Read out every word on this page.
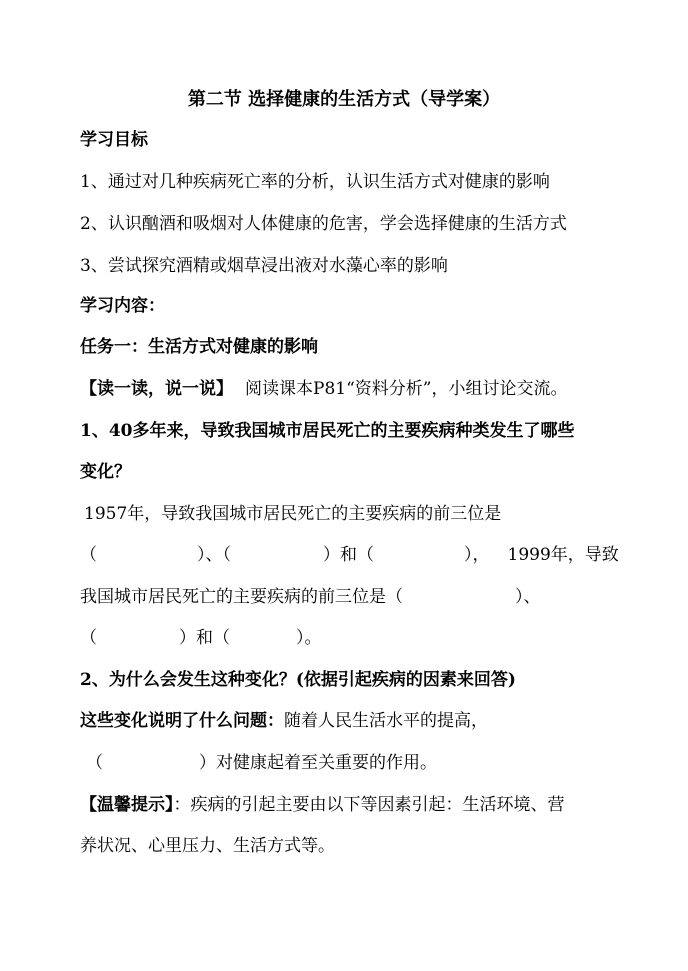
第二节 选择健康的生活方式（导学案）
学习目标
1、通过对几种疾病死亡率的分析，认识生活方式对健康的影响
2、认识酗酒和吸烟对人体健康的危害，学会选择健康的生活方式
3、尝试探究酒精或烟草浸出液对水藻心率的影响
学习内容：
任务一：生活方式对健康的影响
【读一读，说一说】 阅读课本P81“资料分析”，小组讨论交流。
1、40多年来，导致我国城市居民死亡的主要疾病种类发生了哪些
变化？
1957年，导致我国城市居民死亡的主要疾病的前三位是
（	）、（	）和（	）， 1999年，导致
我国城市居民死亡的主要疾病的前三位是（	）、
（	）和（	）。
2、为什么会发生这种变化？(依据引起疾病的因素来回答)
这些变化说明了什么问题：随着人民生活水平的提高，
（	）对健康起着至关重要的作用。
【温馨提示】：疾病的引起主要由以下等因素引起：生活环境、营
养状况、心里压力、生活方式等。
